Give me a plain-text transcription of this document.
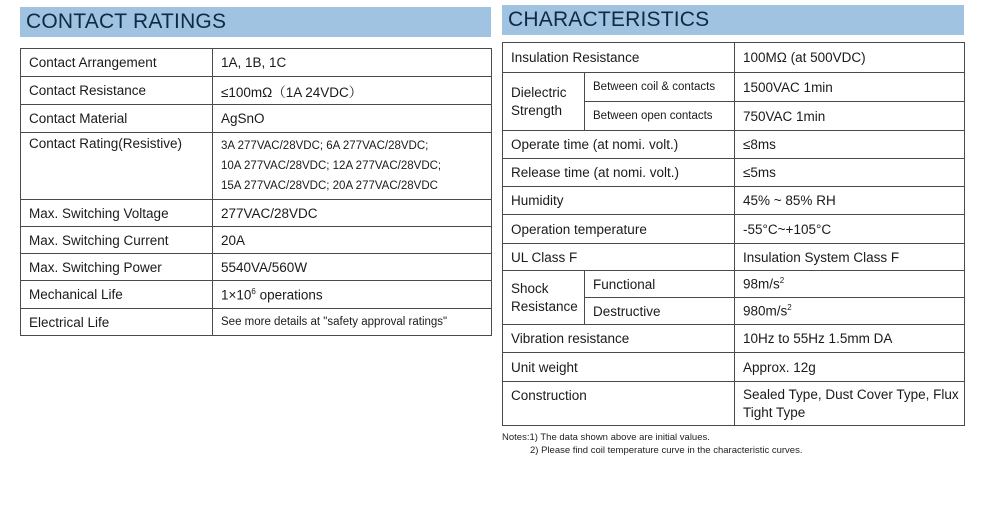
CONTACT RATINGS	CHARACTERISTICS
Contact Arrangement	1A, 1B, 1C
Contact Resistance	≤100mΩ（1A 24VDC）
Contact Material	AgSnO
Contact Rating(Resistive)	3A 277VAC/28VDC; 6A 277VAC/28VDC;
10A 277VAC/28VDC; 12A 277VAC/28VDC;
15A 277VAC/28VDC; 20A 277VAC/28VDC

Max. Switching Voltage	277VAC/28VDC
Max. Switching Current	20A
Max. Switching Power	5540VA/560W
Mechanical Life	$1\times 10^6$ operations
Electrical Life	See more details at "safety approval ratings"
Insulation Resistance		100MΩ (at 500VDC)
Dielectric Strength	Between coil & contacts	1500VAC 1min
	Between open contacts	750VAC 1min
Operate time (at nomi. volt.)		≤8ms
Release time (at nomi. volt.)		≤5ms
Humidity		45% ~ 85% RH
Operation temperature		-55°C~+105°C
UL Class F		Insulation System Class F
Shock Resistance	Functional	$98m/s^2$
	Destructive	$980m/s^2$
Vibration resistance		10Hz to 55Hz 1.5mm DA
Unit weight		Approx. 12g
Construction		Sealed Type, Dust Cover Type, Flux Tight Type
Notes:1) The data shown above are initial values.
2) Please find coil temperature curve in the characteristic curves.
